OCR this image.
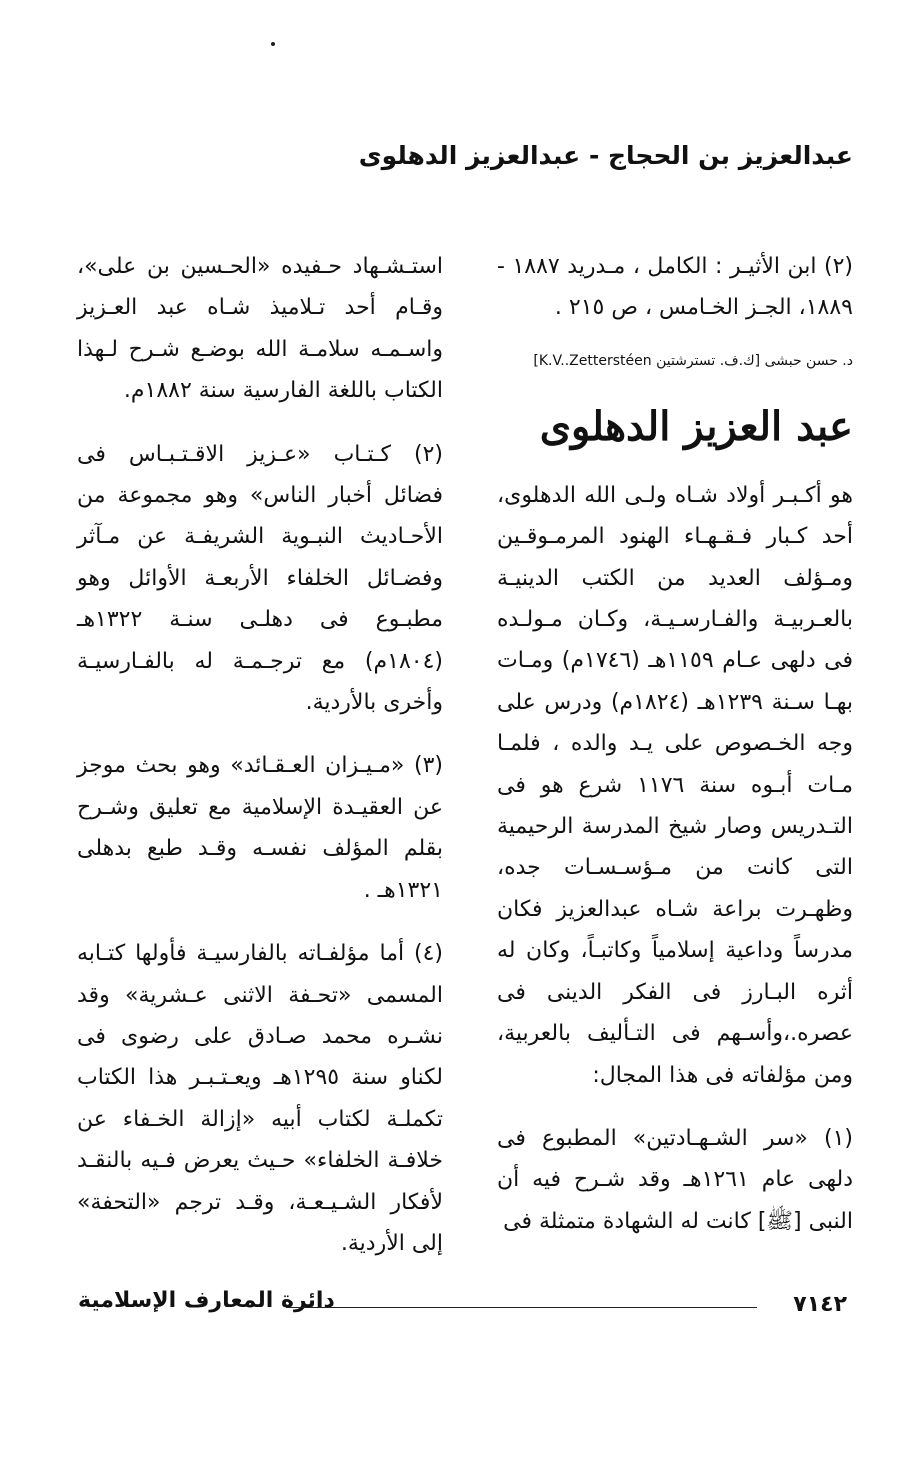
عبدالعزيز بن الحجاج - عبدالعزيز الدهلوى

(٢) ابن الأثيـر : الكامل ، مـدريد ١٨٨٧ - ١٨٨٩، الجـز الخـامس ، ص ٢١٥ .

د. حسن حبشى [ك.ف. تسترشتين K.V..Zetterstéen]
عبد العزيز الدهلوى

هو أكـبـر أولاد شـاه ولـى الله الدهلوى، أحد كـبار فـقـهـاء الهنود المرمـوقـين ومـؤلف العديد من الكتب الدينيـة بالعـربيـة والفـارسـيـة، وكـان مـولـده فى دلهى عـام ١١٥٩هـ (١٧٤٦م) ومـات بهـا سـنة ١٢٣٩هـ (١٨٢٤م) ودرس على وجه الخـصوص على يـد والده ، فلمـا مـات أبـوه سنة ١١٧٦ شرع هو فى التـدريس وصار شيخ المدرسة الرحيمية التى كانت من مـؤسـسـات جده، وظهـرت براعة شـاه عبدالعزيز فكان مدرساً وداعية إسلامياً وكاتبـاً، وكان له أثره البـارز فى الفكر الدينى فى عصره.،وأسـهم فى التـأليف بالعربية، ومن مؤلفاته فى هذا المجال:

(١) «سر الشـهـادتين» المطبوع فى دلهى عام ١٢٦١هـ وقد شـرح فيه أن النبى [ﷺ] كانت له الشهادة متمثلة فى

استـشـهاد حـفيده «الحـسين بن على»، وقـام أحد تـلاميذ شـاه عبد العـزيز واسـمـه سلامـة الله بوضـع شـرح لـهذا الكتاب باللغة الفارسية سنة ١٨٨٢م.

(٢) كـتـاب «عـزيز الاقـتـبـاس فى فضائل أخبار الناس» وهو مجموعة من الأحـاديث النبـوية الشريفـة عن مـآثر وفضـائل الخلفاء الأربعـة الأوائل وهو مطبـوع فى دهلـى سنـة ١٣٢٢هـ (١٨٠٤م) مع ترجـمـة له بالفـارسيـة وأخرى بالأردية.

(٣) «مـيـزان العـقـائد» وهو بحث موجز عن العقيـدة الإسلامية مع تعليق وشـرح بقلم المؤلف نفسـه وقـد طبع بدهلى ١٣٢١هـ .

(٤) أما مؤلفـاته بالفارسيـة فأولها كتـابه المسمى «تحـفة الاثنى عـشرية» وقد نشـره محمد صـادق على رضوى فى لكناو سنة ١٢٩٥هـ ويعـتـبـر هذا الكتاب تكملـة لكتاب أبيه «إزالة الخـفاء عن خلافـة الخلفاء» حـيث يعرض فـيه بالنقـد لأفكار الشـيـعـة، وقـد ترجم «التحفة» إلى الأردية.

دائرة المعارف الإسلامية	٧١٤٢
